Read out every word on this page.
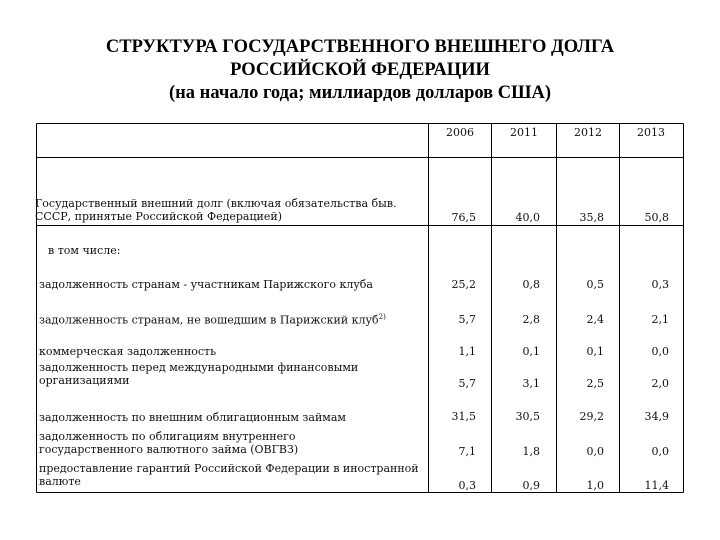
СТРУКТУРА ГОСУДАРСТВЕННОГО ВНЕШНЕГО ДОЛГА
РОССИЙСКОЙ ФЕДЕРАЦИИ
(на начало года; миллиардов долларов США)
2006	2011	2012	2013
Государственный внешний долг (включая обязательства быв. СССР, принятые Российской Федерацией)	76,5	40,0	35,8	50,8
в том числе:
задолженность странам - участникам Парижского клуба	25,2	0,8	0,5	0,3
задолженность странам, не вошедшим в Парижский клуб$^{2)}$	5,7	2,8	2,4	2,1
коммерческая задолженность	1,1	0,1	0,1	0,0
задолженность перед международными финансовыми организациями	5,7	3,1	2,5	2,0
задолженность по внешним облигационным займам	31,5	30,5	29,2	34,9
задолженность по облигациям внутреннего государственного валютного займа (ОВГВЗ)	7,1	1,8	0,0	0,0
предоставление гарантий Российской Федерации в иностранной валюте	0,3	0,9	1,0	11,4
